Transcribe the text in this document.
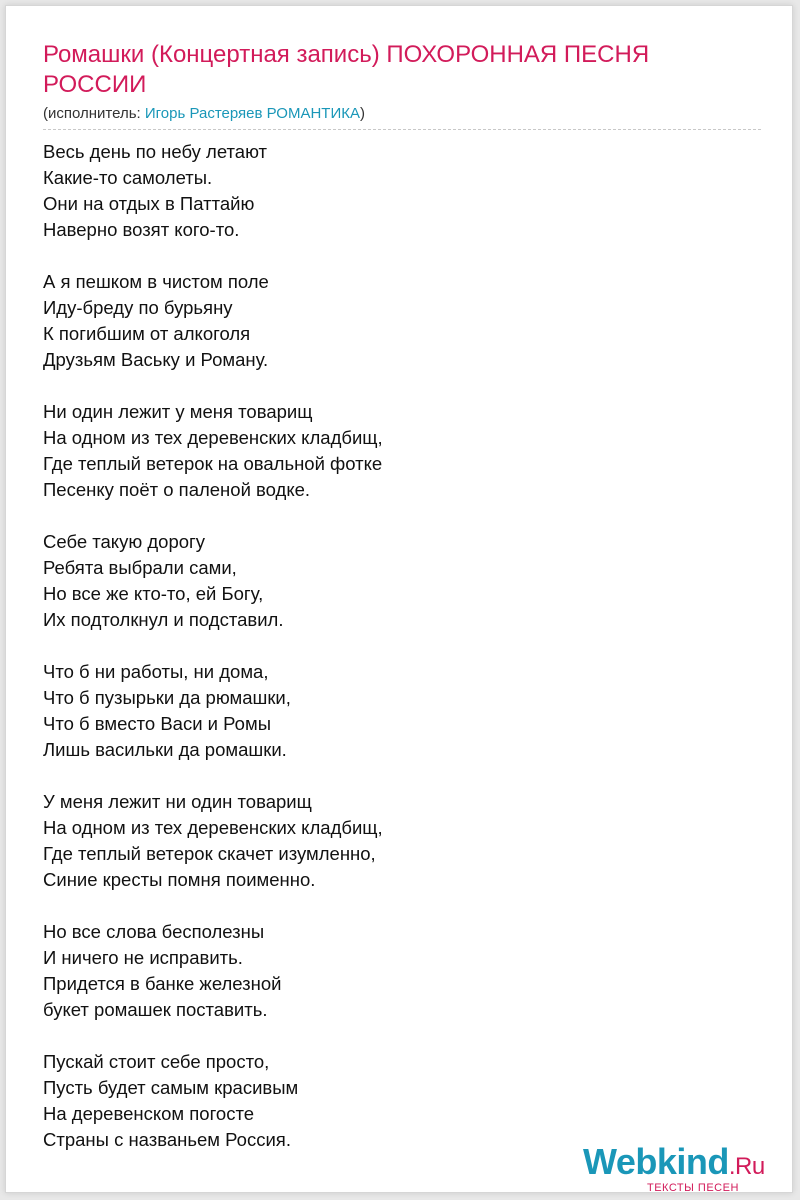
Ромашки (Концертная запись) ПОХОРОННАЯ ПЕСНЯ РОССИИ
(исполнитель: Игорь Растеряев РОМАНТИКА)
Весь день по небу летают
Какие-то самолеты.
Они на отдых в Паттайю
Наверно возят кого-то.
А я пешком в чистом поле
Иду-бреду по бурьяну
К погибшим от алкоголя
Друзьям Ваську и Роману.
Ни один лежит у меня товарищ
На одном из тех деревенских кладбищ,
Где теплый ветерок на овальной фотке
Песенку поёт о паленой водке.
Себе такую дорогу
Ребята выбрали сами,
Но все же кто-то, ей Богу,
Их подтолкнул и подставил.
Что б ни работы, ни дома,
Что б пузырьки да рюмашки,
Что б вместо Васи и Ромы
Лишь васильки да ромашки.
У меня лежит ни один товарищ
На одном из тех деревенских кладбищ,
Где теплый ветерок скачет изумленно,
Синие кресты помня поименно.
Но все слова бесполезны
И ничего не исправить.
Придется в банке железной
букет ромашек поставить.
Пускай стоит себе просто,
Пусть будет самым красивым
На деревенском погосте
Страны с названьем Россия.
Webkind.Ru
ТЕКСТЫ ПЕСЕН
